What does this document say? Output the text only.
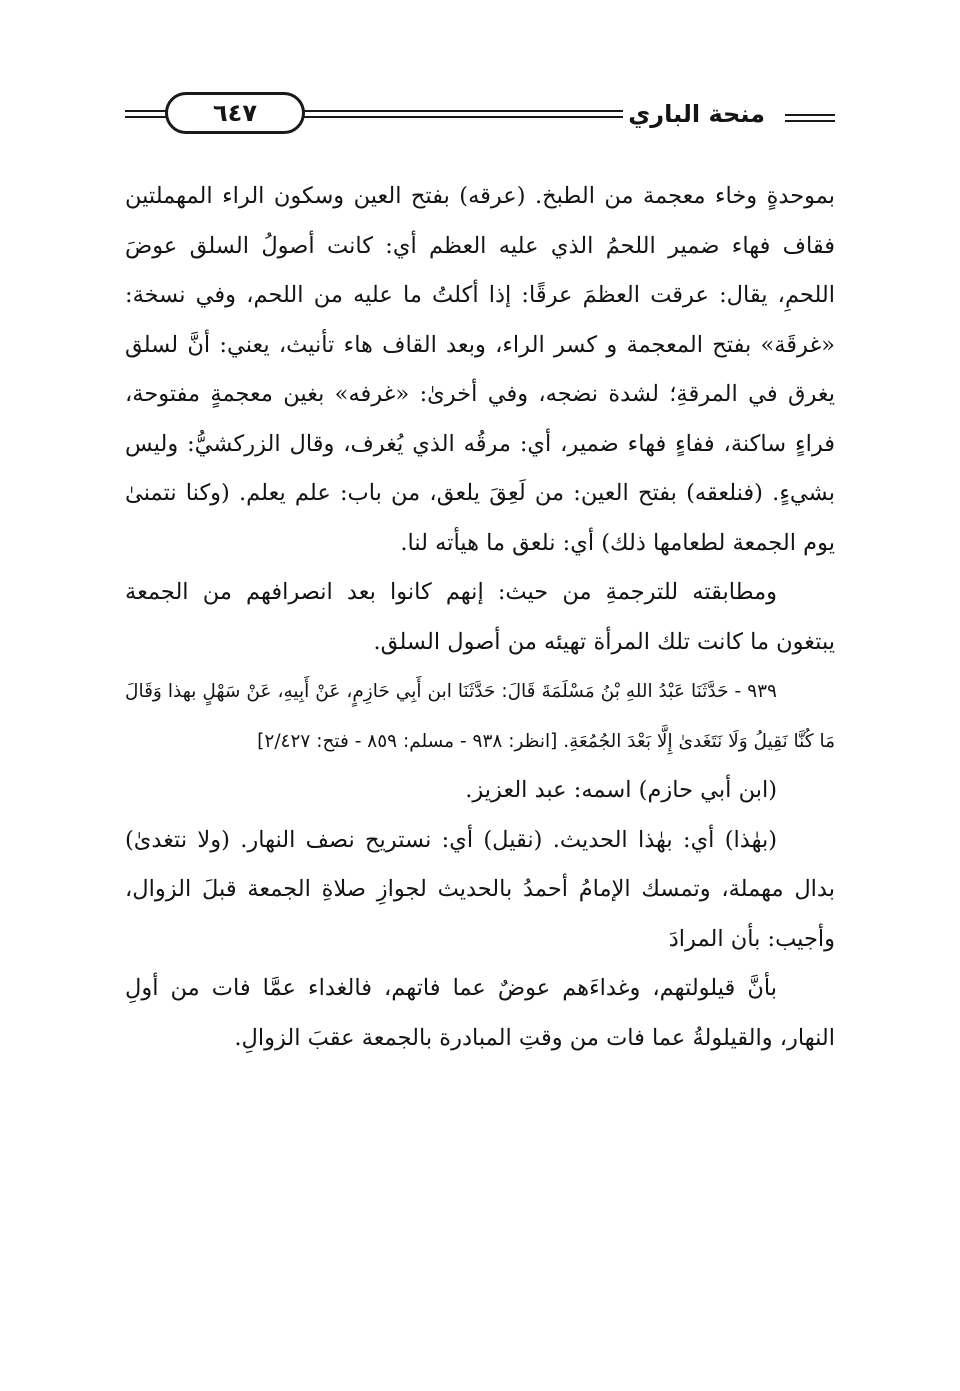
٦٤٧	منحة الباري

بموحدةٍ وخاء معجمة من الطبخ. (عرقه) بفتح العين وسكون الراء المهملتين فقاف فهاء ضمير اللحمُ الذي عليه العظم أي: كانت أصولُ السلق عوضَ اللحمِ، يقال: عرقت العظمَ عرقًا: إذا أكلتُ ما عليه من اللحم، وفي نسخة: «غرقَة» بفتح المعجمة و كسر الراء، وبعد القاف هاء تأنيث، يعني: أنَّ لسلق يغرق في المرقةِ؛ لشدة نضجه، وفي أخرىٰ: «غرفه» بغين معجمةٍ مفتوحة، فراءٍ ساكنة، ففاءٍ فهاء ضمير، أي: مرقُه الذي يُغرف، وقال الزركشيُّ: وليس بشيءٍ. (فنلعقه) بفتح العين: من لَعِقَ يلعق، من باب: علم يعلم. (وكنا نتمنىٰ يوم الجمعة لطعامها ذلك) أي: نلعق ما هيأته لنا.

ومطابقته للترجمةِ من حيث: إنهم كانوا بعد انصرافهم من الجمعة يبتغون ما كانت تلك المرأة تهيئه من أصول السلق.

٩٣٩ - حَدَّثَنَا عَبْدُ اللهِ بْنُ مَسْلَمَةَ قَالَ: حَدَّثَنَا ابن أَبِي حَازِمٍ، عَنْ أَبِيهِ، عَنْ سَهْلٍ بهذا وَقَالَ مَا كُنَّا نَقِيلُ وَلَا نَتَغَدىٰ إِلَّا بَعْدَ الجُمُعَةِ. [انظر: ٩٣٨ - مسلم: ٨٥٩ - فتح: ٢/٤٢٧]

(ابن أبي حازم) اسمه: عبد العزيز.

(بهٰذا) أي: بهٰذا الحديث. (نقيل) أي: نستريح نصف النهار. (ولا نتغدىٰ) بدال مهملة، وتمسك الإمامُ أحمدُ بالحديث لجوازِ صلاةِ الجمعة قبلَ الزوال، وأجيب: بأن المرادَ

بأنَّ قيلولتهم، وغداءَهم عوضٌ عما فاتهم، فالغداء عمَّا فات من أولِ النهار، والقيلولةُ عما فات من وقتِ المبادرة بالجمعة عقبَ الزوالِ.
